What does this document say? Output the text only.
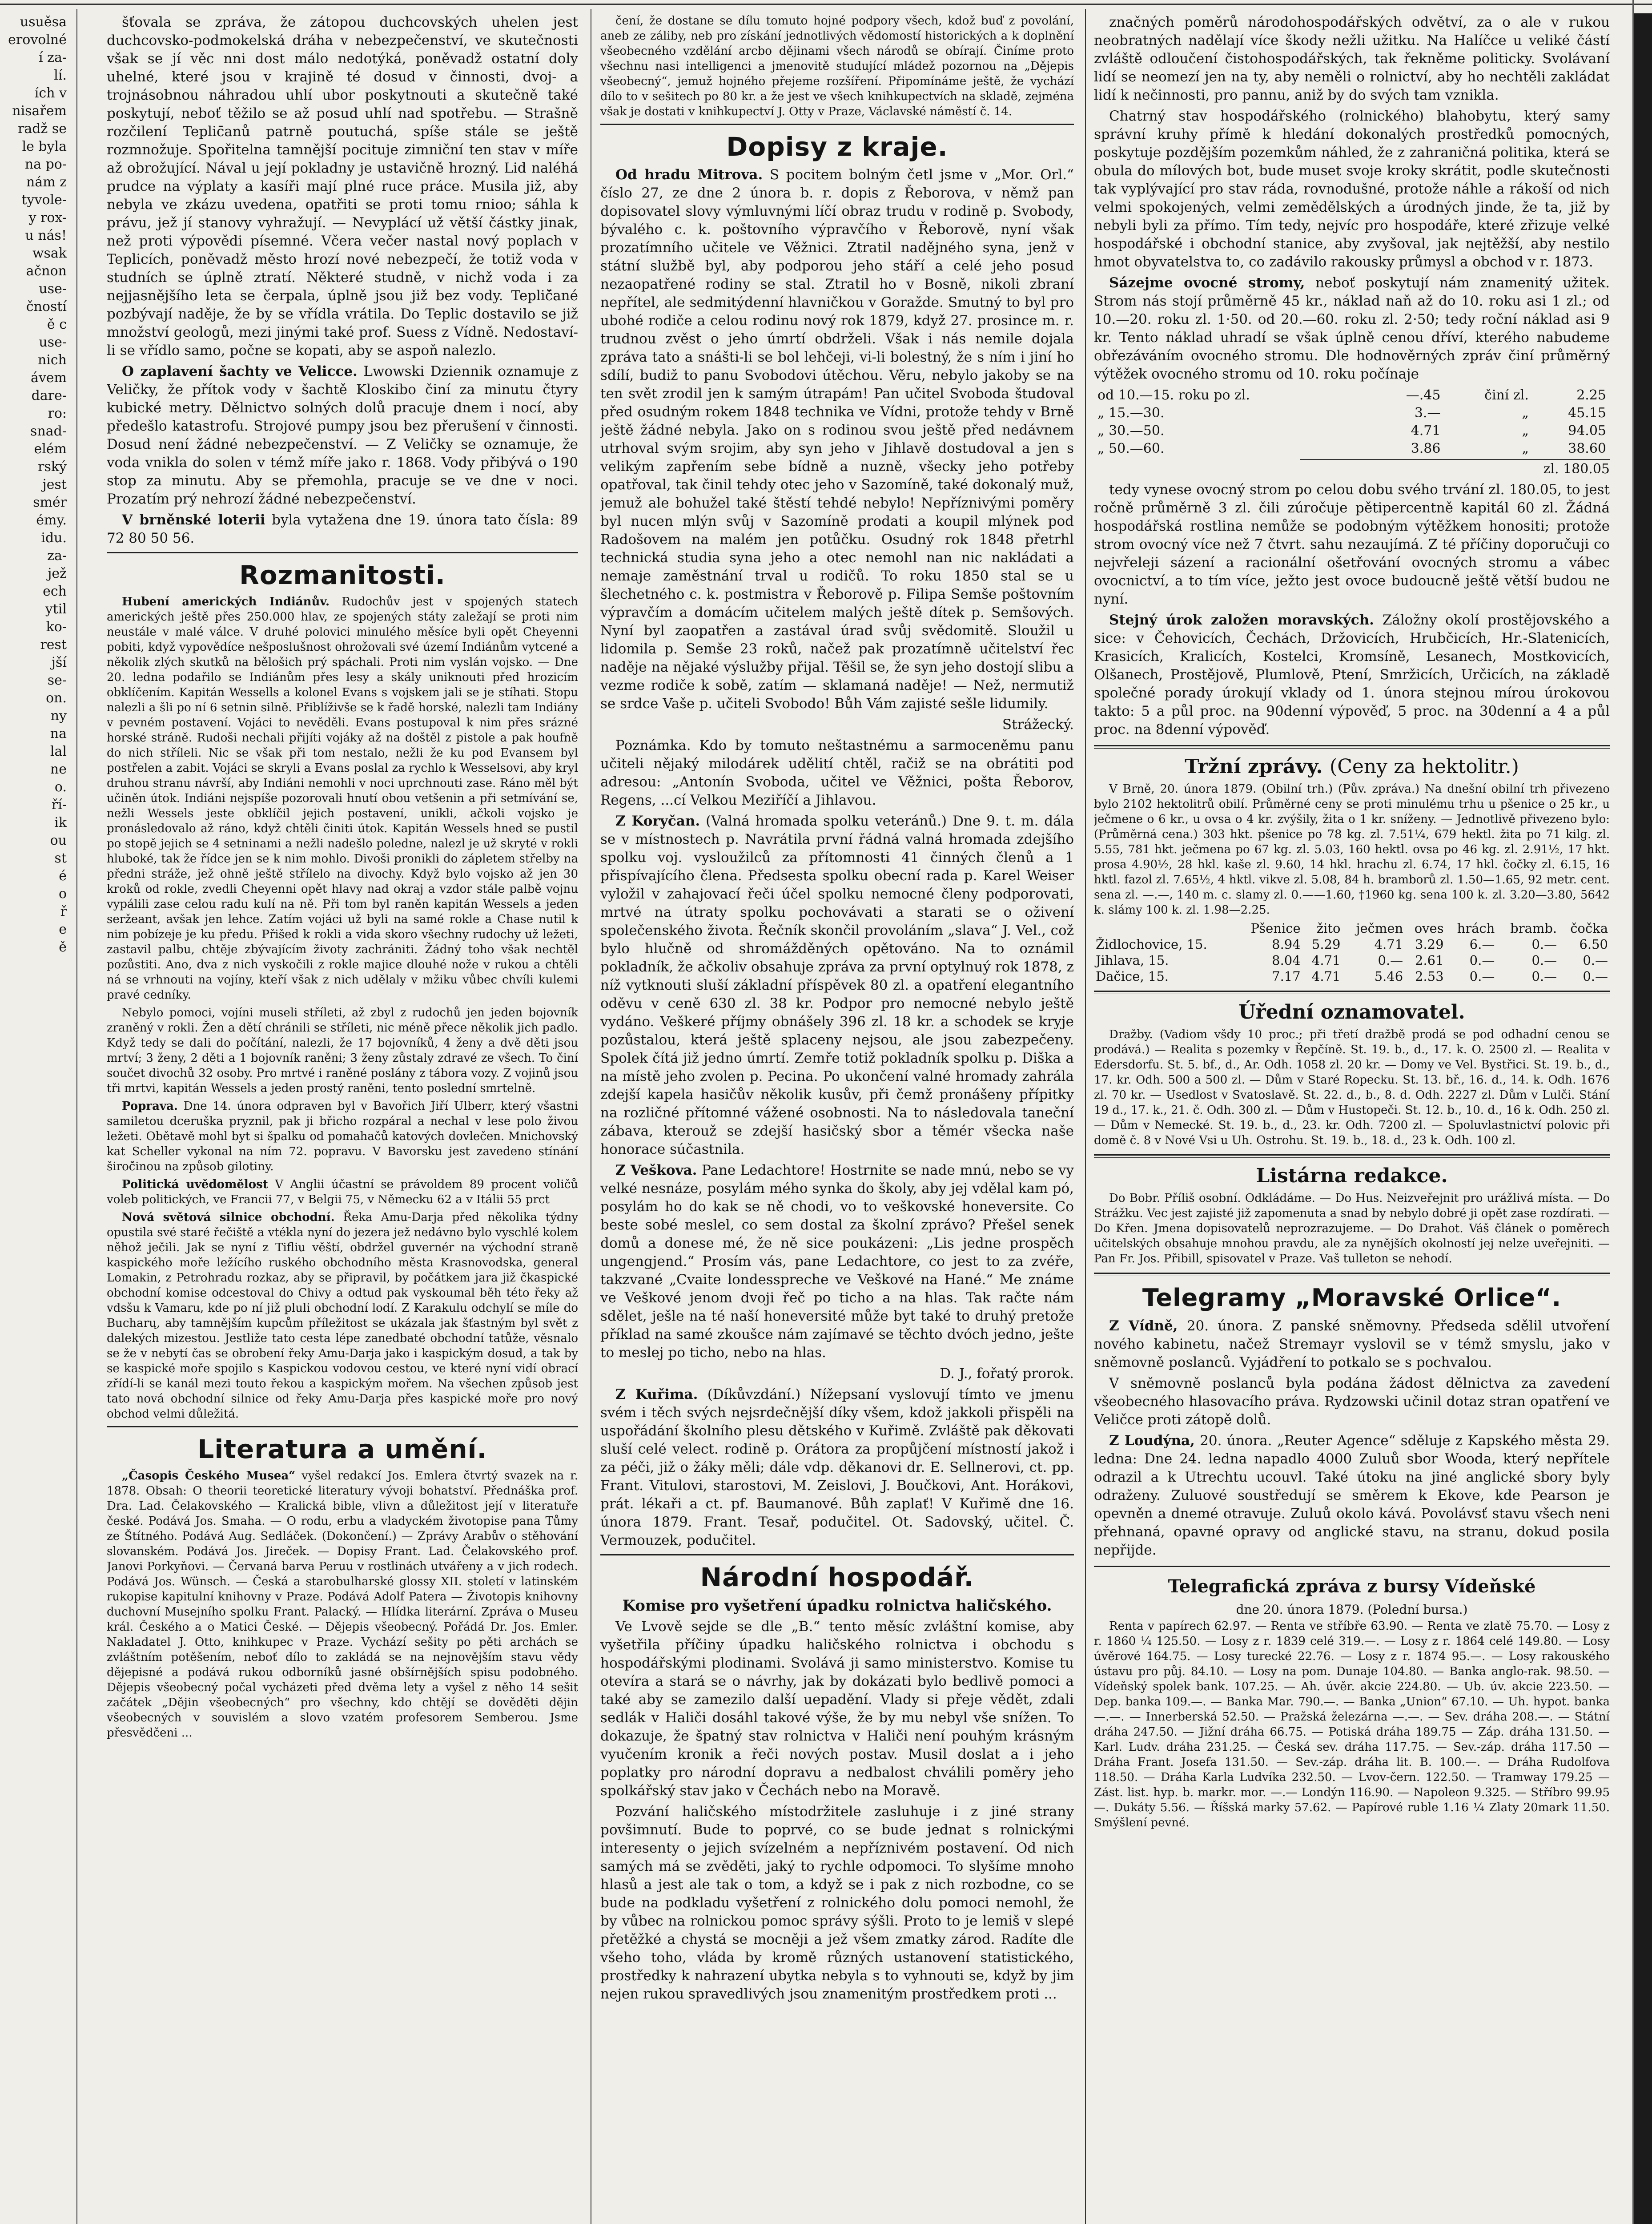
usuěsa
erovolné
í za-
lí.
ích v
nisařem
radž se
le byla
na po-
nám z
tyvole-
y rox-
u nás!
wsak
ačnon
use-
čností
ě c
use-
nich
ávem
dare-
ro:
snad-
elém
rský
jest
smér
émy.
idu.
za-
jež
ech
ytil
ko-
rest
jší
se-
on.
ny
na
lal
ne
o.
ří-
ik
ou
st
é
o
ř
e
ě

šťovala se zpráva, že zátopou duchcovských uhelen jest duchcovsko-podmokelská dráha v nebezpečenství, ve skutečnosti však se jí věc nni dost málo nedotýká, poněvadž ostatní doly uhelné, které jsou v krajině té dosud v činnosti, dvoj- a trojnásobnou náhradou uhlí ubor poskytnouti a skutečně také poskytují, neboť těžilo se až posud uhlí nad spotřebu. — Strašně rozčilení Teplic̄anů patrně poutuchá, spíše stále se ještě rozmnožuje. Spořitelna tamnější pocituje zimniční ten stav v míře až obrožující. Nával u její pokladny je ustavičně hrozný. Lid naléhá prudce na výplaty a kasíři mají plné ruce práce. Musila již, aby nebyla ve zkázu uvedena, opatřiti se proti tomu rnioo; sáhla k právu, jež jí stanovy vyhražují. — Nevyplácí už větší částky jinak, než proti výpovědi písemné. Včera večer nastal nový poplach v Teplicích, poněvadž město hrozí nové nebezpečí, že totiž voda v studních se úplně ztratí. Některé studně, v nichž voda i za nejjasnějšího leta se čerpala, úplně jsou již bez vody. Teplič̄ané pozbývají naděje, že by se vřídla vrátila. Do Teplic dostavilo se již množství geologů, mezi jinými také prof. Suess z Vídně. Nedostaví-li se vřídlo samo, počne se kopati, aby se aspoň nalezlo.

O zaplavení šachty ve Velicce. Lwowski Dziennik oznamuje z Veličky, že přítok vody v šachtě Kloskibo činí za minutu čtyry kubické metry. Dělnictvo solných dolů pracuje dnem i nocí, aby předešlo katastrofu. Strojové pumpy jsou bez přerušení v činnosti. Dosud není žádné nebezpečenství. — Z Veličky se oznamuje, že voda vnikla do solen v témž míře jako r. 1868. Vody přibývá o 190 stop za minutu. Aby se přemohla, pracuje se ve dne v noci. Prozatím prý nehrozí žádné nebezpečenství.

V brněnské loterii byla vytažena dne 19. února tato čísla: 89 72 80 50 56.

Rozmanitosti.

Hubení amerických Indiánův. Rudochův jest v spojených statech amerických ještě přes 250.000 hlav, ze spojených státy zaležají se proti nim neustále v malé válce. V druhé polovici minulého měsíce byli opět Cheyenni pobiti, když vypovědíce nešposlušnost ohrožovali své území Indiánům vytcené a několik zlých skutků na bělošich prý spáchali. Proti nim vyslán vojsko. — Dne 20. ledna podařilo se Indiánům přes lesy a skály uniknouti před hrozicím obklíčením. Kapitán Wessells a kolonel Evans s vojskem jali se je stíhati. Stopu nalezli a šli po ní 6 setnin silně. Přiblíživše se k řadě horské, nalezli tam Indiány v pevném postavení. Vojáci to nevěděli. Evans postupoval k nim přes srázné horské stráně. Rudoši nechali přijíti vojáky až na doštěl z pistole a pak houfně do nich stříleli. Nic se však při tom nestalo, nežli že ku pod Evansem byl postřelen a zabit. Vojáci se skryli a Evans poslal za rychlo k Wesselsovi, aby kryl druhou stranu návrší, aby Indiáni nemohli v noci uprchnouti zase. Ráno měl být učiněn útok. Indiáni nejspíše pozorovali hnutí obou vetšenin a při setmívání se, nežli Wessels jeste obklíčil jejich postavení, unikli, ačkoli vojsko je pronásledovalo až ráno, když chtěli činiti útok. Kapitán Wessels hned se pustil po stopě jejich se 4 setninami a nežli nadešlo poledne, nalezl je už skryté v rokli hluboké, tak že řídce jen se k nim mohlo. Divoši pronikli do zápletem střelby na předni stráže, jež ohně ještě střílelo na divochy. Když bylo vojsko až jen 30 kroků od rokle, zvedli Cheyenni opět hlavy nad okraj a vzdor stále palbě vojnu vypálili zase celou radu kulí na ně. Při tom byl raněn kapitán Wessels a jeden seržeant, avšak jen lehce. Zatím vojáci už byli na samé rokle a Chase nutil k nim pobízeje je ku předu. Přišed k rokli a vida skoro všechny rudochy už ležeti, zastavil palbu, chtěje zbývajícím životy zachrániti. Žádný toho však nechtěl pozůstiti. Ano, dva z nich vyskočili z rokle majice dlouhé nože v rukou a chtěli ná se vrhnouti na vojíny, kteří však z nich udělaly v mžiku vůbec chvíli kulemi pravé cedníky.

Nebylo pomoci, vojíni museli stříleti, až zbyl z rudochů jen jeden bojovník zraněný v rokli. Žen a dětí chránili se stříleti, nic méně přece několik jich padlo. Když tedy se dali do počítání, nalezli, že 17 bojovníků, 4 ženy a dvě děti jsou mrtví; 3 ženy, 2 děti a 1 bojovník raněni; 3 ženy zůstaly zdravé ze všech. To činí součet divochů 32 osoby. Pro mrtvé i raněné poslány z tábora vozy. Z vojinů jsou tři mrtvi, kapitán Wessels a jeden prostý raněni, tento poslední smrtelně.

Poprava. Dne 14. února odpraven byl v Bavořich Jiří Ulberr, který všastni samiletou dceruška pryznil, pak ji břicho rozpáral a nechal v lese polo živou ležeti. Obětavě mohl byt si špalku od pomahačů katových dovlečen. Mnichovský kat Scheller vykonal na ním 72. popravu. V Bavorsku jest zavedeno stínání široč̄inou na způsob gilotiny.

Politická uvědomělost V Anglii účastní se právoldem 89 procent voličů voleb politických, ve Francii 77, v Belgii 75, v Německu 62 a v Itálii 55 prct

Nová světová silnice obchodní. Řeka Amu-Darja před několika týdny opustila své staré řečiště a vtékla nyní do jezera jež nedávno bylo vyschlé kolem něhož ječili. Jak se nyní z Tifliu věští, obdržel guvernér na východní straně kaspického moře ležícího ruského obchodního města Krasnovodska, general Lomakin, z Petrohradu rozkaz, aby se připravil, by počátkem jara již čkaspické obchodní komise odcestoval do Chivy a odtud pak vyskoumal běh této řeky až vdsšu k Vamaru, kde po ní již pluli obchodní lodí. Z Karakulu odchylí se míle do Bucharų, aby tamnějším kupcům příležitost se ukázala jak šťastným byl svět z dalekých mizestou. Jestliže tato cesta lépe zanedbaté obchodní tatůže, věsnalo se že v nebytí čas se obrobení řeky Amu-Darja jako i kaspickým dosud, a tak by se kaspické moře spojilo s Kaspickou vodovou cestou, ve které nyní vidí obrací zřídí-li se kanál mezi touto řekou a kaspickým mořem. Na všechen způsob jest tato nová obchodní silnice od řeky Amu-Darja přes kaspické moře pro nový obchod velmi důležitá.

Literatura a umění.

„Časopis Českého Musea“ vyšel redakcí Jos. Emlera čtvrtý svazek na r. 1878. Obsah: O theorii teoretické literatury vývoji bohatství. Přednáška prof. Dra. Lad. Čelakovského — Kralická bible, vlivn a důležitost její v literatuře české. Podává Jos. Smaha. — O rodu, erbu a vladyckém životopise pana Tůmy ze Štítného. Podává Aug. Sedláček. (Dokončení.) — Zprávy Arabův o stěhování slovanském. Podává Jos. Jireček. — Dopisy Frant. Lad. Čelakovského prof. Janovi Porkyňovi. — Červaná barva Peruu v rostlinách utvářeny a v jich rodech. Podává Jos. Wünsch. — Česká a starobulharské glossy XII. století v latinském rukopise kapitulní knihovny v Praze. Podává Adolf Patera — Životopis knihovny duchovní Musejního spolku Frant. Palacký. — Hlídka literární. Zpráva o Museu král. Českého a o Matici České. — Dějepis všeobecný. Pořádá Dr. Jos. Emler. Nakladatel J. Otto, knihkupec v Praze. Vychází sešity po pěti archách se zvláštním potěšením, neboť dílo to zakládá se na nejnovějším stavu vědy dějepisné a podává rukou odborníků jasné obšírnějších spisu podobného. Dějepis všeobecný počal vycházeti před dvěma lety a vyšel z něho 14 sešit začátek „Dějin všeobecných“ pro všechny, kdo chtějí se dověděti dějin všeobecných v souvislém a slovo vzatém profesorem Semberou. Jsme přesvědčeni ...

čení, že dostane se dílu tomuto hojné podpory všech, kdož buď z povolání, aneb ze záliby, neb pro získání jednotlivých vědomostí historických a k doplnění všeobecného vzdělání arcbo dějinami všech národů se obírají. Činíme proto všechnu nasi intelligenci a jmenovitě studující mládež pozornou na „Dějepis všeobecný“, jemuž hojného přejeme rozšíření. Připomínáme ještě, že vychází dílo to v sešitech po 80 kr. a že jest ve všech knihkupectvích na skladě, zejména však je dostati v knihkupectví J. Otty v Praze, Václavské náměstí č. 14.

Dopisy z kraje.

Od hradu Mitrova. S pocitem bolným četl jsme v „Mor. Orl.“ číslo 27, ze dne 2 února b. r. dopis z Řeborova, v němž pan dopisovatel slovy výmluvnými líčí obraz trudu v rodině p. Svobody, bývalého c. k. poštovního výpravčího v Řeborově, nyní však prozatímního učitele ve Věžnici. Ztratil nadějného syna, jenž v státní službě byl, aby podporou jeho stáří a celé jeho posud nezaopatřené rodiny se stal. Ztratil ho v Bosně, nikoli zbraní nepřítel, ale sedmitýdenní hlavničkou v Goražde. Smutný to byl pro ubohé rodiče a celou rodinu nový rok 1879, když 27. prosince m. r. trudnou zvěst o jeho úmrtí obdrželi. Však i nás nemile dojala zpráva tato a snášti-li se bol lehčeji, vi-li bolestný, že s ním i jiní ho sdílí, budiž to panu Svobodovi útěchou. Věru, nebylo jakoby se na ten svět zrodil jen k samým útrapám! Pan učitel Svoboda študoval před osudným rokem 1848 technika ve Vídni, protože tehdy v Brně ještě žádné nebyla. Jako on s rodinou svou ještě před nedávnem utrhoval svým srojim, aby syn jeho v Jihlavě dostudoval a jen s velikým zapřením sebe bídně a nuzně, všecky jeho potřeby opatřoval, tak činil tehdy otec jeho v Sazomíně, také dokonalý muž, jemuž ale bohužel také štěstí tehdé nebylo! Nepříznivými poměry byl nucen mlýn svůj v Sazomíně prodati a koupil mlýnek pod Radošovem na malém jen potůčku. Osudný rok 1848 přetrhl technická studia syna jeho a otec nemohl nan nic nakládati a nemaje zaměstnání trval u rodičů. To roku 1850 stal se u šlechetného c. k. postmistra v Řeborově p. Filipa Semše poštovním výpravčím a domácím učitelem malých ještě dítek p. Semšových. Nyní byl zaopatřen a zastával úrad svůj svědomitě. Sloužil u lidomila p. Semše 23 roků, načež pak prozatímně učitelství řec naděje na nějaké výslužby přijal. Těšil se, že syn jeho dostojí slibu a vezme rodiče k sobě, zatím — sklamaná naděje! — Než, nermutiž se srdce Vaše p. učiteli Svobodo! Bůh Vám zajisté sešle lidumily.

Strážecký.

Poznámka. Kdo by tomuto neštastnému a sarmoceněmu panu učiteli nějaký milodárek udělití chtěl, račiž se na obrátiti pod adresou: „Antonín Svoboda, učitel ve Věžnici, pošta Řeborov, Regens, ...cí Velkou Meziříčí a Jihlavou.

Z Koryčan. (Valná hromada spolku veteránů.) Dne 9. t. m. dála se v místnostech p. Navrátila první řádná valná hromada zdejšího spolku voj. vysloužilců za přítomnosti 41 činných členů a 1 přispívajícího člena. Předsesta spolku obecní rada p. Karel Weiser vyložil v zahajovací řeči účel spolku nemocné členy podporovati, mrtvé na útraty spolku pochovávati a starati se o oživení společenského života. Řečník skončil provoláním „slava“ J. Vel., což bylo hlučně od shromážděných opětováno. Na to oznámil pokladník, že ačkoliv obsahuje zpráva za první optylnuý rok 1878, z níž vytknouti sluší základní příspěvek 80 zl. a opatření elegantního oděvu v ceně 630 zl. 38 kr. Podpor pro nemocné nebylo ještě vydáno. Veškeré příjmy obnášely 396 zl. 18 kr. a schodek se kryje pozůstalou, která ještě splaceny nejsou, ale jsou zabezpečeny. Spolek čítá již jedno úmrtí. Zemře totiž pokladník spolku p. Diška a na místě jeho zvolen p. Pecina. Po ukončení valné hromady zahrála zdejší kapela hasičův několik kusův, při čemž pronášeny přípitky na rozličné přítomné vážené osobnosti. Na to následovala taneční zábava, kterouž se zdejší hasičský sbor a těmér všecka naše honorace súčastnila.

Z Veškova. Pane Ledachtore! Hostrnite se nade mnú, nebo se vy velké nesnáze, posylám mého synka do školy, aby jej vdělal kam pó, posylám ho do kak se ně chodi, vo to veškovské honeversite. Co beste sobé meslel, co sem dostal za školní zprávo? Přešel senek domů a donese mé, že ně sice poukázeni: „Lis jedne prospěch ungengjend.“ Prosím vás, pane Ledachtore, co jest to za zvéře, takzvané „Cvaite londesspreche ve Veškové na Hané.“ Me známe ve Veškové jenom dvoji řeč po ticho a na hlas. Tak račte nám sdělet, ješle na té naší honeversité může byt také to druhý pretože příklad na samé zkoušce nám zajímavé se těchto dvóch jedno, ješte to meslej po ticho, nebo na hlas.

D. J., fořatý prorok.

Z Kuřima. (Díkůvzdání.) Nížepsaní vyslovují tímto ve jmenu svém i těch svých nejsrdečnější díky všem, kdož jakkoli přispěli na uspořádání školního plesu dětského v Kuřimě. Zvláště pak děkovati sluší celé velect. rodině p. Orátora za propůjčení místností jakož i za péči, již o žáky měli; dále vdp. děkanovi dr. E. Sellnerovi, ct. pp. Frant. Vitulovi, starostovi, M. Zeislovi, J. Boučkovi, Ant. Horákovi, prát. lékaři a ct. pf. Baumanové. Bůh zaplať! V Kuřimě dne 16. února 1879. Frant. Tesař, podučitel. Ot. Sadovský, učitel. Č. Vermouzek, podučitel.

Národní hospodář.
Komise pro vyšetření úpadku rolnictva haličského.

Ve Lvově sejde se dle „B.“ tento měsíc zvláštní komise, aby vyšetřila příčiny úpadku haličského rolnictva i obchodu s hospodářskými plodinami. Svolává ji samo ministerstvo. Komise tu otevíra a stará se o návrhy, jak by dokázati bylo bedlivě pomoci a také aby se zamezilo další uepadění. Vlady si přeje vědět, zdali sedlák v Haliči dosáhl takové výše, že by mu nebyl vše snížen. To dokazuje, že špatný stav rolnictva v Haliči není pouhým krásným vyučením kronik a řeči nových postav. Musil doslat a i jeho poplatky pro národní dopravu a nedbalost chválili poměry jeho spolkářský stav jako v Čechách nebo na Moravě.

Pozvání haličského místodržitele zasluhuje i z jiné strany povšimnutí. Bude to poprvé, co se bude jednat s rolnickými interesenty o jejich svízelném a nepříznivém postavení. Od nich samých má se zvěděti, jaký to rychle odpomoci. To slyšíme mnoho hlasů a jest ale tak o tom, a když se i pak z nich rozbodne, co se bude na podkladu vyšetření z rolnického dolu pomoci nemohl, že by vůbec na rolnickou pomoc správy sýšli. Proto to je lemiš v slepé přetěžké a chystá se mocněji a jež všem zmatky zárod. Radíte dle všeho toho, vláda by kromě různých ustanovení statistického, prostředky k nahrazení ubytka nebyla s to vyhnouti se, když by jim nejen rukou spravedlivých jsou znamenitým prostředkem proti ...

značných poměrů národohospodářských odvětví, za o ale v rukou neobratných nadělají více škody nežli užitku. Na Halíčce u veliké částí zvláště odloučení čistohospodářských, tak řekněme politicky. Svolávaní lidí se neomezí jen na ty, aby neměli o rolnictví, aby ho nechtěli zakládat lidí k nečinnosti, pro pannu, aniž by do svých tam vznikla.

Chatrný stav hospodářského (rolnického) blahobytu, který samy správní kruhy přímě k hledání dokonalých prostředků pomocných, poskytuje pozdějším pozemkům náhled, že z zahraničná politika, která se obula do mílových bot, bude muset svoje kroky skrátit, podle skutečnosti tak vyplývající pro stav ráda, rovnodušné, protože náhle a rákoší od nich velmi spokojených, velmi zemědělských a úrodných jinde, že ta, již by nebyli byli za přímo. Tím tedy, nejvíc pro hospodáře, které zřizuje velké hospodářské i obchodní stanice, aby zvyšoval, jak nejtěžší, aby nestilo hmot obyvatelstva to, co zadávilo rakousky průmysl a obchod v r. 1873.

Sázejme ovocné stromy, neboť poskytují nám znamenitý užitek. Strom nás stojí průměrně 45 kr., náklad naň až do 10. roku asi 1 zl.; od 10.—20. roku zl. 1·50. od 20.—60. roku zl. 2·50; tedy roční náklad asi 9 kr. Tento náklad uhradí se však úplně cenou dříví, kterého nabudeme obřezáváním ovocného stromu. Dle hodnověrných zpráv činí průměrný výtěžek ovocného stromu od 10. roku počínaje

od 10.—15. roku po zl.	—.45	činí zl.	2.25
„ 15.—30.	3.—	„	45.15
„ 30.—50.	4.71	„	94.05
„ 50.—60.	3.86	„	38.60
zl. 180.05

tedy vynese ovocný strom po celou dobu svého trvání zl. 180.05, to jest ročně průměrně 3 zl. čili zúročuje pětipercentně kapitál 60 zl. Žádná hospodářská rostlina nemůže se podobným výtěžkem honositi; protože strom ovocný více než 7 čtvrt. sahu nezaujímá. Z té příčiny doporučuji co nejvřeleji sázení a racionální ošetřování ovocných stromu a vábec ovocnictví, a to tím více, ježto jest ovoce budoucně ještě větší budou ne nyní.

Stejný úrok založen moravských. Záložny okolí prostějovského a sice: v Čehovicích, Čechách, Držovicích, Hrubčicích, Hr.-Slatenicích, Krasicích, Kralicích, Kostelci, Kromsíně, Lesanech, Mostkovicích, Olšanech, Prostějově, Plumlově, Ptení, Smržicích, Určicích, na základě společné porady úrokují vklady od 1. února stejnou mírou úrokovou takto: 5 a půl proc. na 90denní výpověď, 5 proc. na 30denní a 4 a půl proc. na 8denní výpověď.

Tržní zprávy. (Ceny za hektolitr.)

V Brně, 20. února 1879. (Obilní trh.) (Pův. zpráva.) Na dnešní obilní trh přivezeno bylo 2102 hektolitrů obilí. Průměrné ceny se proti minulému trhu u pšenice o 25 kr., u ječmene o 6 kr., u ovsa o 4 kr. zvýšily, žita o 1 kr. sníženy. — Jednotlivě přivezeno bylo: (Průměrná cena.) 303 hkt. pšenice po 78 kg. zl. 7.51¼, 679 hektl. žita po 71 kilg. zl. 5.55, 781 hkt. ječmena po 67 kg. zl. 5.03, 160 hektl. ovsa po 46 kg. zl. 2.91½, 17 hkt. prosa 4.90½, 28 hkl. kaše zl. 9.60, 14 hkl. hrachu zl. 6.74, 17 hkl. čočky zl. 6.15, 16 hktl. fazol zl. 7.65½, 4 hktl. vikve zl. 5.08, 84 h. bramborů zl. 1.50—1.65, 92 metr. cent. sena zl. —.—, 140 m. c. slamy zl. 0.——1.60, †1960 kg. sena 100 k. zl. 3.20—3.80, 5642 k. slámy 100 k. zl. 1.98—2.25.

	Pšenice	žito	ječmen	oves	hrách	bramb.	čočka
Židlochovice, 15.	8.94	5.29	4.71	3.29	6.—	0.—	6.50
Jihlava, 15.	8.04	4.71	0.—	2.61	0.—	0.—	0.—
Dačice, 15.	7.17	4.71	5.46	2.53	0.—	0.—	0.—
Úřední oznamovatel.

Dražby. (Vadiom všdy 10 proc.; při třetí dražbě prodá se pod odhadní cenou se prodává.) — Realita s pozemky v Řepčíně. St. 19. b., d., 17. k. O. 2500 zl. — Realita v Edersdorfu. St. 5. bf., d., Ar. Odh. 1058 zl. 20 kr. — Domy ve Vel. Bystřici. St. 19. b., d., 17. kr. Odh. 500 a 500 zl. — Dům v Staré Ropecku. St. 13. bř., 16. d., 14. k. Odh. 1676 zl. 70 kr. — Usedlost v Svatoslavě. St. 22. d., b., 8. d. Odh. 2227 zl. Dům v Lulči. Stání 19 d., 17. k., 21. č. Odh. 300 zl. — Dům v Hustopeči. St. 12. b., 10. d., 16 k. Odh. 250 zl. — Dům v Nemecké. St. 19. b., d., 23. kr. Odh. 7200 zl. — Spoluvlastnictví polovic při domě č. 8 v Nové Vsi u Uh. Ostrohu. St. 19. b., 18. d., 23 k. Odh. 100 zl.

Listárna redakce.

Do Bobr. Příliš osobní. Odkládáme. — Do Hus. Neizveřejnit pro urážlivá místa. — Do Strážku. Vec jest zajisté již zapomenuta a snad by nebylo dobré ji opět zase rozdírati. — Do Křen. Jmena dopisovatelů neprozrazujeme. — Do Drahot. Váš článek o poměrech učitelských obsahuje mnohou pravdu, ale za nynějších okolností jej nelze uveřejniti. — Pan Fr. Jos. Přibill, spisovatel v Praze. Vaš tulleton se nehodí.

Telegramy „Moravské Orlice“.

Z Vídně, 20. února. Z panské sněmovny. Předseda sdělil utvoření nového kabinetu, načež Stremayr vyslovil se v témž smyslu, jako v sněmovně poslanců. Vyjádření to potkalo se s pochvalou.

V sněmovně poslanců byla podána žádost dělnictva za zavedení všeobecného hlasovacího práva. Rydzowski učinil dotaz stran opatření ve Veličce proti zátopě dolů.

Z Loudýna, 20. února. „Reuter Agence“ sděluje z Kapského města 29. ledna: Dne 24. ledna napadlo 4000 Zuluů sbor Wooda, který nepřítele odrazil a k Utrechtu ucouvl. Také útoku na jiné anglické sbory byly odraženy. Zuluové soustředují se směrem k Ekove, kde Pearson je opevněn a dnemé otravuje. Zuluů okolo kává. Povolávsť stavu všech neni přehnaná, opavné opravy od anglické stavu, na stranu, dokud posila nepřijde.

Telegrafická zpráva z bursy Vídeňské
dne 20. února 1879. (Polední bursa.)

Renta v papírech 62.97. — Renta ve stříbře 63.90. — Renta ve zlatě 75.70. — Losy z r. 1860 ¼ 125.50. — Losy z r. 1839 celé 319.—. — Losy z r. 1864 celé 149.80. — Losy úvěrové 164.75. — Losy turecké 22.76. — Losy z r. 1874 95.—. — Losy rakouského ústavu pro půj. 84.10. — Losy na pom. Dunaje 104.80. — Banka anglo-rak. 98.50. — Vídeňský spolek bank. 107.25. — Ah. úvěr. akcie 224.80. — Ub. úv. akcie 223.50. — Dep. banka 109.—. — Banka Mar. 790.—. — Banka „Union“ 67.10. — Uh. hypot. banka —.—. — Innerberská 52.50. — Pražská železárna —.—. — Sev. dráha 208.—. — Státní dráha 247.50. — Jižní dráha 66.75. — Potiská dráha 189.75 — Záp. dráha 131.50. — Karl. Ludv. dráha 231.25. — Česká sev. dráha 117.75. — Sev.-záp. dráha 117.50 — Dráha Frant. Josefa 131.50. — Sev.-záp. dráha lit. B. 100.—. — Dráha Rudolfova 118.50. — Dráha Karla Ludvíka 232.50. — Lvov-čern. 122.50. — Tramway 179.25 — Zást. list. hyp. b. markr. mor. —.— Londýn 116.90. — Napoleon 9.325. — Stříbro 99.95 —. Dukáty 5.56. — Říšská marky 57.62. — Papírové ruble 1.16 ¼ Zlaty 20mark 11.50. Smýšlení pevné.
